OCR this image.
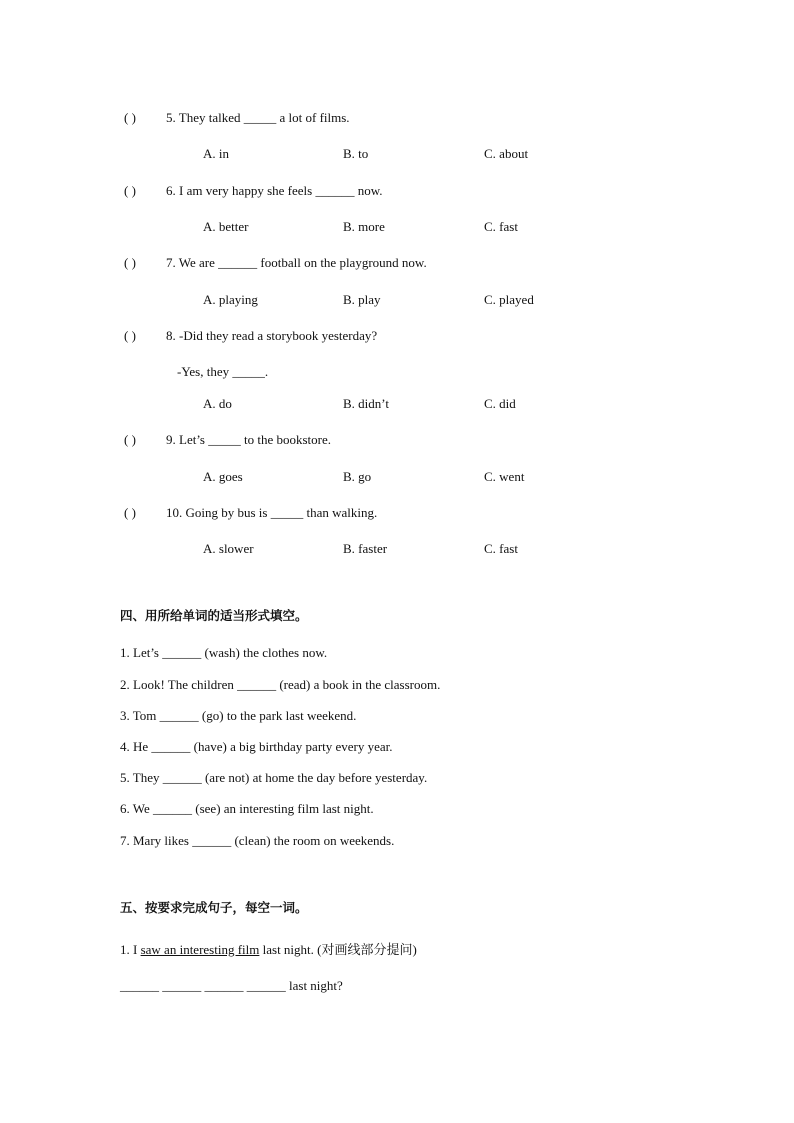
( ) 5. They talked _____ a lot of films.
A. in	B. to	C. about
( ) 6. I am very happy she feels ______ now.
A. better	B. more	C. fast
( ) 7. We are ______ football on the playground now.
A. playing	B. play	C. played
( ) 8. -Did they read a storybook yesterday?
-Yes, they _____.
A. do	B. didn’t	C. did
( ) 9. Let’s _____ to the bookstore.
A. goes	B. go	C. went
( ) 10. Going by bus is _____ than walking.
A. slower	B. faster	C. fast
四、用所给单词的适当形式填空。
1. Let’s ______ (wash) the clothes now.
2. Look! The children ______ (read) a book in the classroom.
3. Tom ______ (go) to the park last weekend.
4. He ______ (have) a big birthday party every year.
5. They ______ (are not) at home the day before yesterday.
6. We ______ (see) an interesting film last night.
7. Mary likes ______ (clean) the room on weekends.
五、按要求完成句子，每空一词。
1. I saw an interesting film last night. (对画线部分提问)
______ ______ ______ ______ last night?
